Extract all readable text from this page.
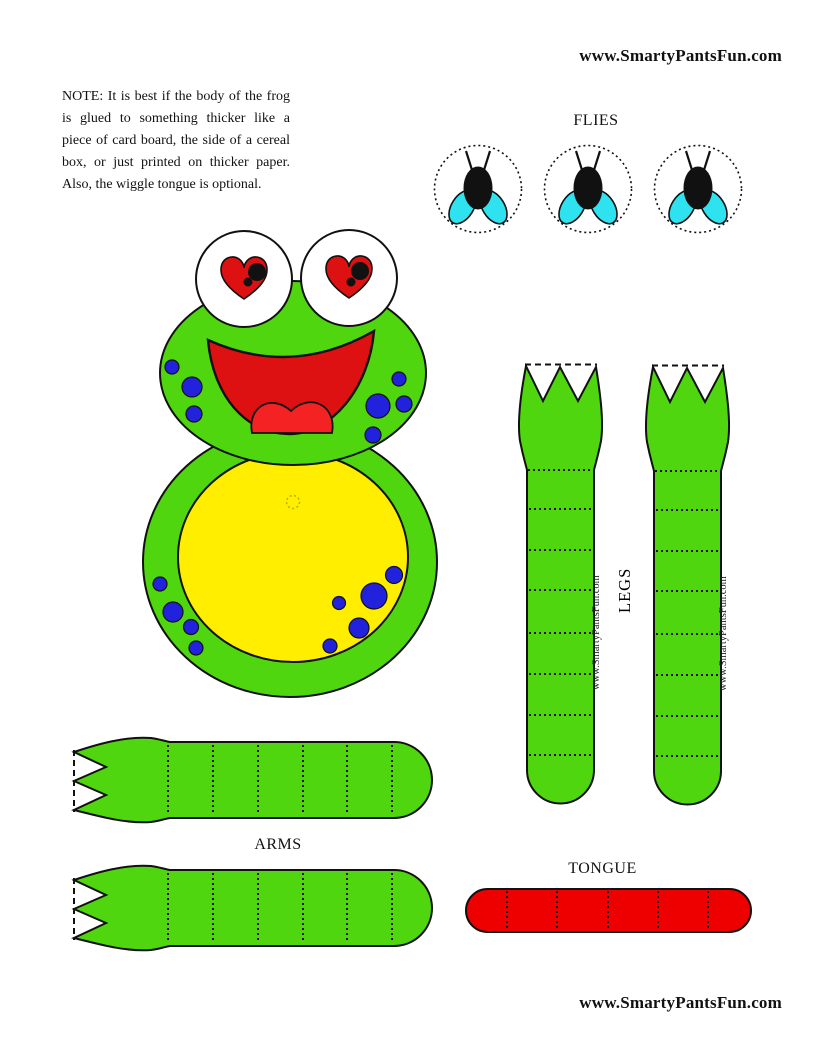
www.SmartyPantsFun.com
NOTE: It is best if the body of the frog is glued to something thicker like a piece of card board, the side of a cereal box, or just printed on thicker paper. Also, the wiggle tongue is optional.
FLIES
www.SmartyPantsFun.com LEGS
ARMS
TONGUE
www.SmartyPantsFun.com
